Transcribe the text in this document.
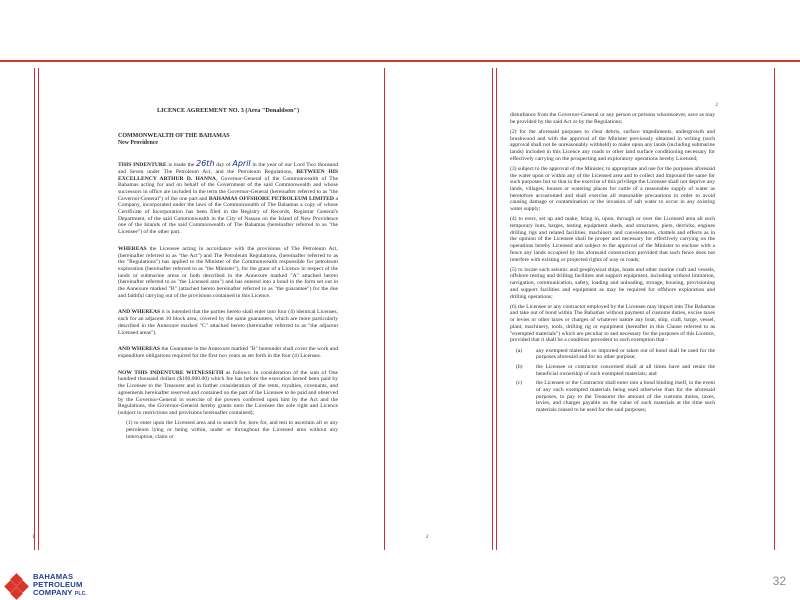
LICENCE AGREEMENT NO. 3 (Area "Donaldson")

COMMONWEALTH OF THE BAHAMAS

New Providence

THIS INDENTURE is made the 26th day of April in the year of our Lord Two thousand and Seven under The Petroleum Act, and the Petroleum Regulations, BETWEEN HIS EXCELLENCY ARTHUR D. HANNA, Governor-General of the Commonwealth of The Bahamas acting for and on behalf of the Government of the said Commonwealth and whose successors in office are included in the term the Governor-General (hereinafter referred to as "the Governor-General") of the one part and BAHAMAS OFFSHORE PETROLEUM LIMITED a Company, incorporated under the laws of the Commonwealth of The Bahamas a copy of whose Certificate of Incorporation has been filed in the Registry of Records, Registrar General's Department, of the said Commonwealth in the City of Nassau on the Island of New Providence one of the Islands of the said Commonwealth of The Bahamas (hereinafter referred to as "the Licensee") of the other part.

WHEREAS the Licensee acting in accordance with the provisions of The Petroleum Act, (hereinafter referred to as "the Act") and The Petroleum Regulations, (hereinafter referred to as the "Regulations") has applied to the Minister of the Commonwealth responsible for petroleum exploration (hereinafter referred to as "the Minister"), for the grant of a Licence in respect of the lands or submarine areas or both described in the Annexure marked "A" attached hereto (hereinafter referred to as "the Licensed area") and has entered into a bond in the form set out in the Annexure marked "B" (attached hereto hereinafter referred to as "the guarantee") for the due and faithful carrying out of the provisions contained in this Licence.

AND WHEREAS it is intended that the parties hereto shall enter into four (4) identical Licenses, each for an adjacent 10 block area, covered by the same guarantees, which are more particularly described in the Annexure marked "C" attached hereto (hereinafter referred to as "the adjacent Licensed areas").

AND WHEREAS the Guarantee in the Annexure marked "B" hereunder shall cover the work and expenditure obligations required for the first two years as set forth in the four (4) Licenses.

NOW THIS INDENTURE WITNESSETH as follows: In consideration of the sum of One hundred thousand dollars ($100,000.00) which fee has before the execution hereof been paid by the Licensee to the Treasurer and in further consideration of the rents, royalties, covenants, and agreements hereinafter reserved and contained on the part of the Licensee to be paid and observed by the Governor-General in exercise of the powers conferred upon him by the Act and the Regulations, the Governor-General hereby grants unto the Licensee the sole right and Licence (subject to restrictions and provisions hereinafter contained);

(1) to enter upon the Licensed area and to search for, bore for, and test to ascertain all or any petroleum lying or being within, under or throughout the Licensed area without any interruption, claim or

1
2

disturbance from the Governor-General or any person or persons whomsoever, save as may be provided by the said Act or by the Regulations;

(2) for the aforesaid purposes to clear debris, surface impediments, undergrowth and brushwood and with the approval of the Minister previously obtained in writing (such approval shall not be unreasonably withheld) to make upon any lands (including submarine lands) included in this Licence any roads or other land surface conditioning necessary for effectively carrying on the prospecting and exploratory operations hereby Licensed;

(3) subject to the approval of the Minister, to appropriate and use for the purposes aforesaid the water upon or within any of the Licensed area and to collect and impound the same for such purposes but so that in the exercise of this privilege the Licensee shall not deprive any lands, villages, houses or watering places for cattle of a reasonable supply of water as heretofore accustomed and shall exercise all reasonable precautions in order to avoid causing damage or contamination or the invasion of salt water to occur in any existing water supply;

(4) to erect, set up and make, bring in, upon, through or over the Licensed area all such temporary huts, barges, testing equipment sheds, and structures, piers, derricks, engines drilling rigs and related facilities, machinery and conveniences, chattels and effects as in the opinion of the Licensee shall be proper and necessary for effectively carrying on the operations hereby Licensed and subject to the approval of the Minister to enclose with a fence any lands occupied by the aforesaid construction provided that such fence does not interfere with existing or projected rights of way or roads;

(5) to locate such seismic and geophysical ships, boats and other marine craft and vessels, offshore testing and drilling facilities and support equipment, including without limitation, navigation, communication, safety, loading and unloading, storage, housing, provisioning and support facilities and equipment as may be required for offshore exploration and drilling operations;

(6) the Licensee or any contractor employed by the Licensee may import into The Bahamas and take out of bond within The Bahamas without payment of customs duties, excise taxes or levies or other taxes or charges of whatever nature any boat, ship, craft, barge, vessel, plant, machinery, tools, drilling rig or equipment (hereafter in this Clause referred to as "exempted materials") which are peculiar to and necessary for the purposes of this Licence, provided that it shall be a condition precedent to such exemption that -

(a)	any exempted materials so imported or taken out of bond shall be used for the purposes aforesaid and for no other purpose;
(b)	the Licensee or contractor concerned shall at all times have and retain the beneficial ownership of such exempted materials; and
(c)	the Licensee or the Contractor shall enter into a bond binding itself, in the event of any such exempted materials being used otherwise than for the aforesaid purposes, to pay to the Treasurer the amount of the customs duties, taxes, levies, and charges payable on the value of such materials at the time such materials ceased to be used for the said purposes;
2
BAHAMAS
PETROLEUM
COMPANY PLC.
32
